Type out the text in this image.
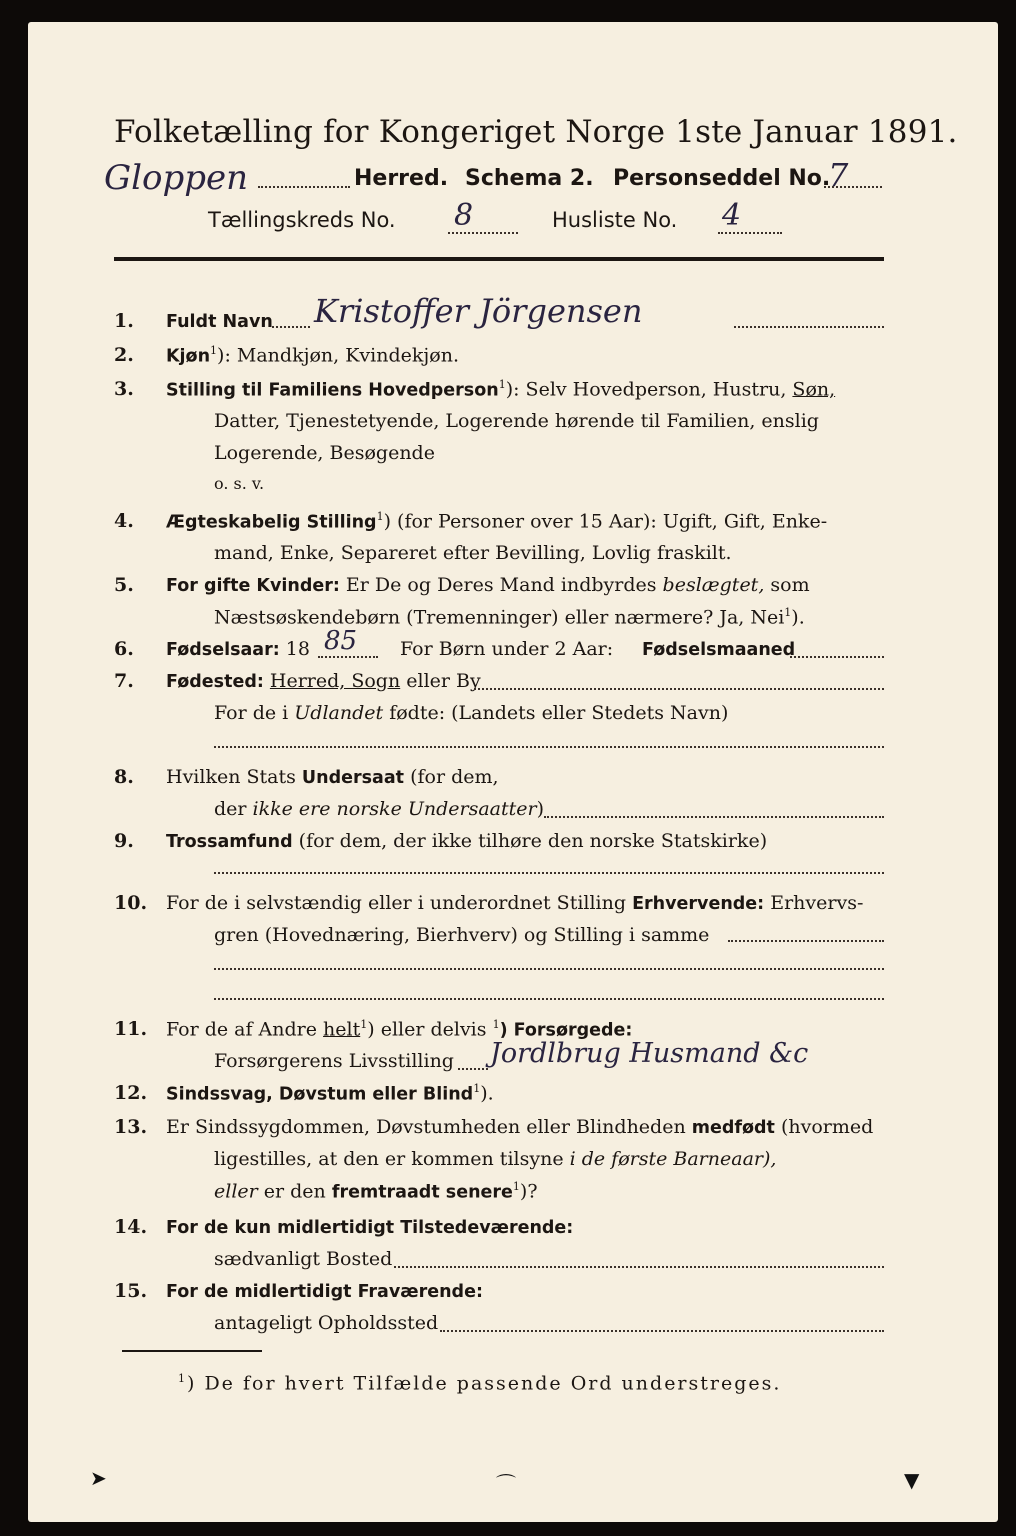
Folketælling for Kongeriget Norge 1ste Januar 1891.
Gloppen	Herred. Schema 2. Personseddel No.
7
Tællingskreds No. 8	Husliste No. 4
1. Fuldt Navn Kristoffer Jörgensen
2. Kjøn$^1$): Mandkjøn, Kvindekjøn.
3. Stilling til Familiens Hovedperson$^1$): Selv Hovedperson, Hustru, Søn,
Datter, Tjenestetyende, Logerende hørende til Familien, enslig
Logerende, Besøgende
o. s. v.
4. Ægteskabelig Stilling$^1$) (for Personer over 15 Aar): Ugift, Gift, Enke-
mand, Enke, Separeret efter Bevilling, Lovlig fraskilt.
5. For gifte Kvinder: Er De og Deres Mand indbyrdes beslægtet, som
Næstsøskendebørn (Tremenninger) eller nærmere? Ja, Nei$^1$).
6. Fødselsaar: 18 85 For Børn under 2 Aar: Fødselsmaaned
7. Fødested: Herred, Sogn eller By
For de i Udlandet fødte: (Landets eller Stedets Navn)
8. Hvilken Stats Undersaat (for dem,
der ikke ere norske Undersaatter)
9. Trossamfund (for dem, der ikke tilhøre den norske Statskirke)
10. For de i selvstændig eller i underordnet Stilling Erhvervende: Erhvervs-
gren (Hovednæring, Bierhverv) og Stilling i samme
11. For de af Andre helt$^1$) eller delvis $^1$) Forsørgede:
Forsørgerens Livsstilling Jordlbrug Husmand &c
12. Sindssvag, Døvstum eller Blind$^1$).
13. Er Sindssygdommen, Døvstumheden eller Blindheden medfødt (hvormed
ligestilles, at den er kommen tilsyne i de første Barneaar),
eller er den fremtraadt senere$^1$)?
14. For de kun midlertidigt Tilstedeværende:
sædvanligt Bosted
15. For de midlertidigt Fraværende:
antageligt Opholdssted
$^1$) De for hvert Tilfælde passende Ord understreges.
➤	⌒	▼
